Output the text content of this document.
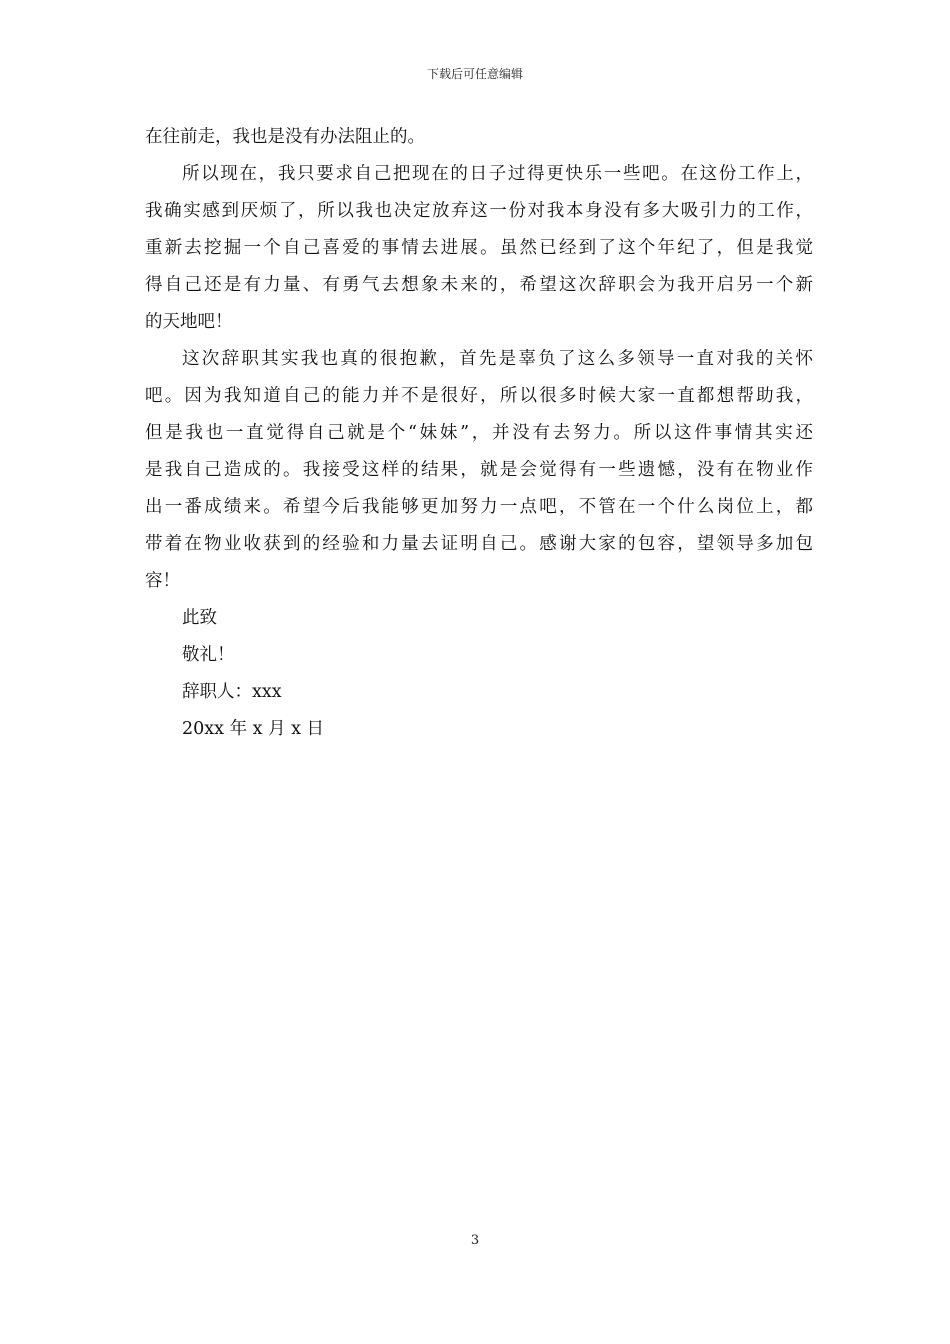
下载后可任意编辑
在往前走，我也是没有办法阻止的。
所以现在，我只要求自己把现在的日子过得更快乐一些吧。在这份工作上，
我确实感到厌烦了，所以我也决定放弃这一份对我本身没有多大吸引力的工作，
重新去挖掘一个自己喜爱的事情去进展。虽然已经到了这个年纪了，但是我觉
得自己还是有力量、有勇气去想象未来的，希望这次辞职会为我开启另一个新
的天地吧！
这次辞职其实我也真的很抱歉，首先是辜负了这么多领导一直对我的关怀
吧。因为我知道自己的能力并不是很好，所以很多时候大家一直都想帮助我，
但是我也一直觉得自己就是个“妹妹”，并没有去努力。所以这件事情其实还
是我自己造成的。我接受这样的结果，就是会觉得有一些遗憾，没有在物业作
出一番成绩来。希望今后我能够更加努力一点吧，不管在一个什么岗位上，都
带着在物业收获到的经验和力量去证明自己。感谢大家的包容，望领导多加包
容！
此致
敬礼！
辞职人：xxx
20xx 年 x 月 x 日
3
